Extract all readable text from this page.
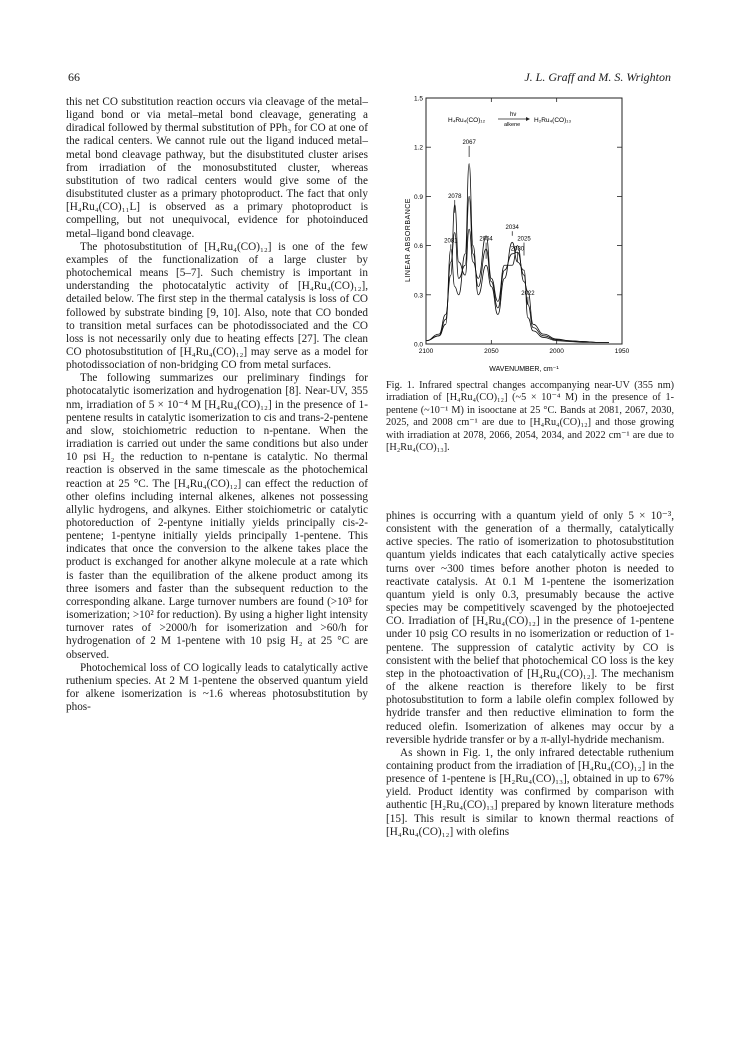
66	J. L. Graff and M. S. Wrighton

this net CO substitution reaction occurs via cleavage of the metal–ligand bond or via metal–metal bond cleavage, generating a diradical followed by thermal substitution of PPh₃ for CO at one of the radical centers. We cannot rule out the ligand induced metal–metal bond cleavage pathway, but the disubstituted cluster arises from irradiation of the monosubstituted cluster, whereas substitution of two radical centers would give some of the disubstituted cluster as a primary photoproduct. The fact that only [H₄Ru₄(CO)₁₁L] is observed as a primary photoproduct is compelling, but not unequivocal, evidence for photoinduced metal–ligand bond cleavage.

The photosubstitution of [H₄Ru₄(CO)₁₂] is one of the few examples of the functionalization of a large cluster by photochemical means [5–7]. Such chemistry is important in understanding the photocatalytic activity of [H₄Ru₄(CO)₁₂], detailed below. The first step in the thermal catalysis is loss of CO followed by substrate binding [9, 10]. Also, note that CO bonded to transition metal surfaces can be photodissociated and the CO loss is not necessarily only due to heating effects [27]. The clean CO photosubstitution of [H₄Ru₄(CO)₁₂] may serve as a model for photodissociation of non-bridging CO from metal surfaces.

The following summarizes our preliminary findings for photocatalytic isomerization and hydrogenation [8]. Near-UV, 355 nm, irradiation of 5 × 10⁻⁴ M [H₄Ru₄(CO)₁₂] in the presence of 1-pentene results in catalytic isomerization to cis and trans-2-pentene and slow, stoichiometric reduction to n-pentane. When the irradiation is carried out under the same conditions but also under 10 psi H₂ the reduction to n-pentane is catalytic. No thermal reaction is observed in the same timescale as the photochemical reaction at 25 °C. The [H₄Ru₄(CO)₁₂] can effect the reduction of other olefins including internal alkenes, alkenes not possessing allylic hydrogens, and alkynes. Either stoichiometric or catalytic photoreduction of 2-pentyne initially yields principally cis-2-pentene; 1-pentyne initially yields principally 1-pentene. This indicates that once the conversion to the alkene takes place the product is exchanged for another alkyne molecule at a rate which is faster than the equilibration of the alkene product among its three isomers and faster than the subsequent reduction to the corresponding alkane. Large turnover numbers are found (>10³ for isomerization; >10² for reduction). By using a higher light intensity turnover rates of >2000/h for isomerization and >60/h for hydrogenation of 2 M 1-pentene with 10 psig H₂ at 25 °C are observed.

Photochemical loss of CO logically leads to catalytically active ruthenium species. At 2 M 1-pentene the observed quantum yield for alkene isomerization is ~1.6 whereas photosubstitution by phos-

H₄Ru₄(CO)₁₂
hν
alkene
H₂Ru₄(CO)₁₃
LINEAR ABSORBANCE
1.5
1.2
0.9
0.6
0.3
0.0
2100	2050	2000	1950
2067
2078
2081
2034
2054	2025
2030
2022
WAVENUMBER, cm⁻¹
Fig. 1. Infrared spectral changes accompanying near-UV (355 nm) irradiation of [H₄Ru₄(CO)₁₂] (~5 × 10⁻⁴ M) in the presence of 1-pentene (~10⁻¹ M) in isooctane at 25 °C. Bands at 2081, 2067, 2030, 2025, and 2008 cm⁻¹ are due to [H₄Ru₄(CO)₁₂] and those growing with irradiation at 2078, 2066, 2054, 2034, and 2022 cm⁻¹ are due to [H₂Ru₄(CO)₁₃].

phines is occurring with a quantum yield of only 5 × 10⁻³, consistent with the generation of a thermally, catalytically active species. The ratio of isomerization to photosubstitution quantum yields indicates that each catalytically active species turns over ~300 times before another photon is needed to reactivate catalysis. At 0.1 M 1-pentene the isomerization quantum yield is only 0.3, presumably because the active species may be competitively scavenged by the photoejected CO. Irradiation of [H₄Ru₄(CO)₁₂] in the presence of 1-pentene under 10 psig CO results in no isomerization or reduction of 1-pentene. The suppression of catalytic activity by CO is consistent with the belief that photochemical CO loss is the key step in the photoactivation of [H₄Ru₄(CO)₁₂]. The mechanism of the alkene reaction is therefore likely to be first photosubstitution to form a labile olefin complex followed by hydride transfer and then reductive elimination to form the reduced olefin. Isomerization of alkenes may occur by a reversible hydride transfer or by a π-allyl-hydride mechanism.

As shown in Fig. 1, the only infrared detectable ruthenium containing product from the irradiation of [H₄Ru₄(CO)₁₂] in the presence of 1-pentene is [H₂Ru₄(CO)₁₃], obtained in up to 67% yield. Product identity was confirmed by comparison with authentic [H₂Ru₄(CO)₁₃] prepared by known literature methods [15]. This result is similar to known thermal reactions of [H₄Ru₄(CO)₁₂] with olefins
